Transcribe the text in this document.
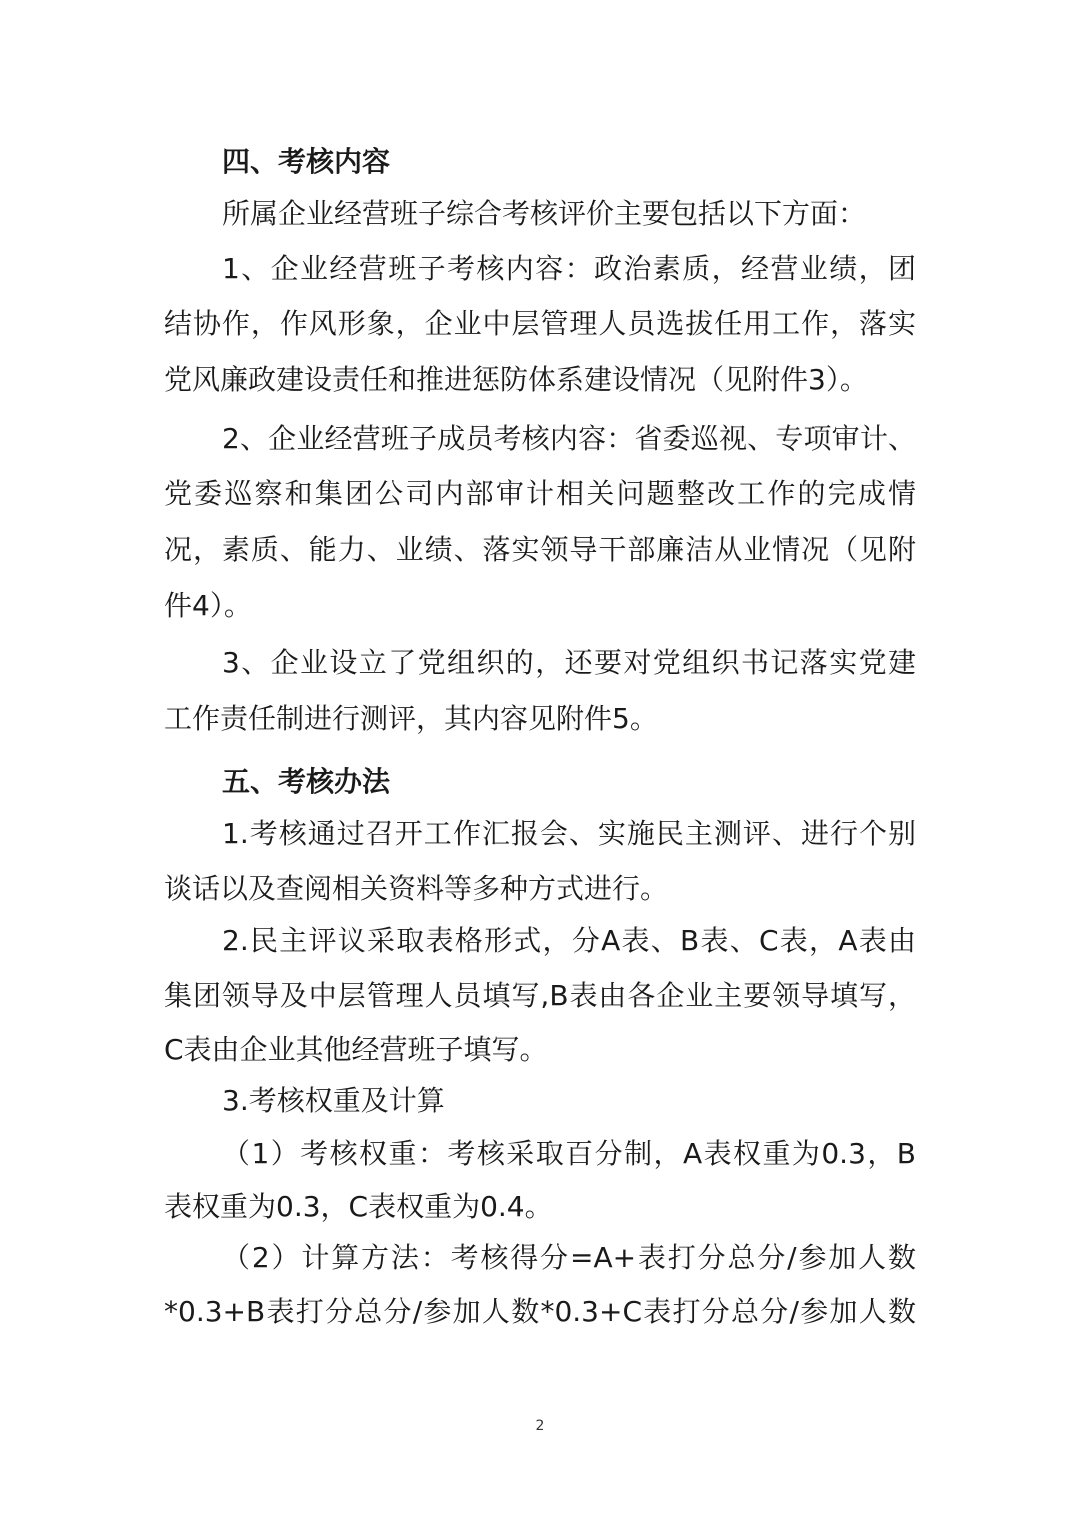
四、考核内容
所属企业经营班子综合考核评价主要包括以下方面：
1、企业经营班子考核内容：政治素质，经营业绩，团
结协作，作风形象，企业中层管理人员选拔任用工作，落实
党风廉政建设责任和推进惩防体系建设情况（见附件3）。
2、企业经营班子成员考核内容：省委巡视、专项审计、
党委巡察和集团公司内部审计相关问题整改工作的完成情
况，素质、能力、业绩、落实领导干部廉洁从业情况（见附
件4）。
3、企业设立了党组织的，还要对党组织书记落实党建
工作责任制进行测评，其内容见附件5。
五、考核办法
1.考核通过召开工作汇报会、实施民主测评、进行个别
谈话以及查阅相关资料等多种方式进行。
2.民主评议采取表格形式，分A表、B表、C表，A表由
集团领导及中层管理人员填写,B表由各企业主要领导填写，
C表由企业其他经营班子填写。
3.考核权重及计算
（1）考核权重：考核采取百分制，A表权重为0.3，B
表权重为0.3，C表权重为0.4。
（2）计算方法：考核得分=A+表打分总分/参加人数
*0.3+B表打分总分/参加人数*0.3+C表打分总分/参加人数
2
